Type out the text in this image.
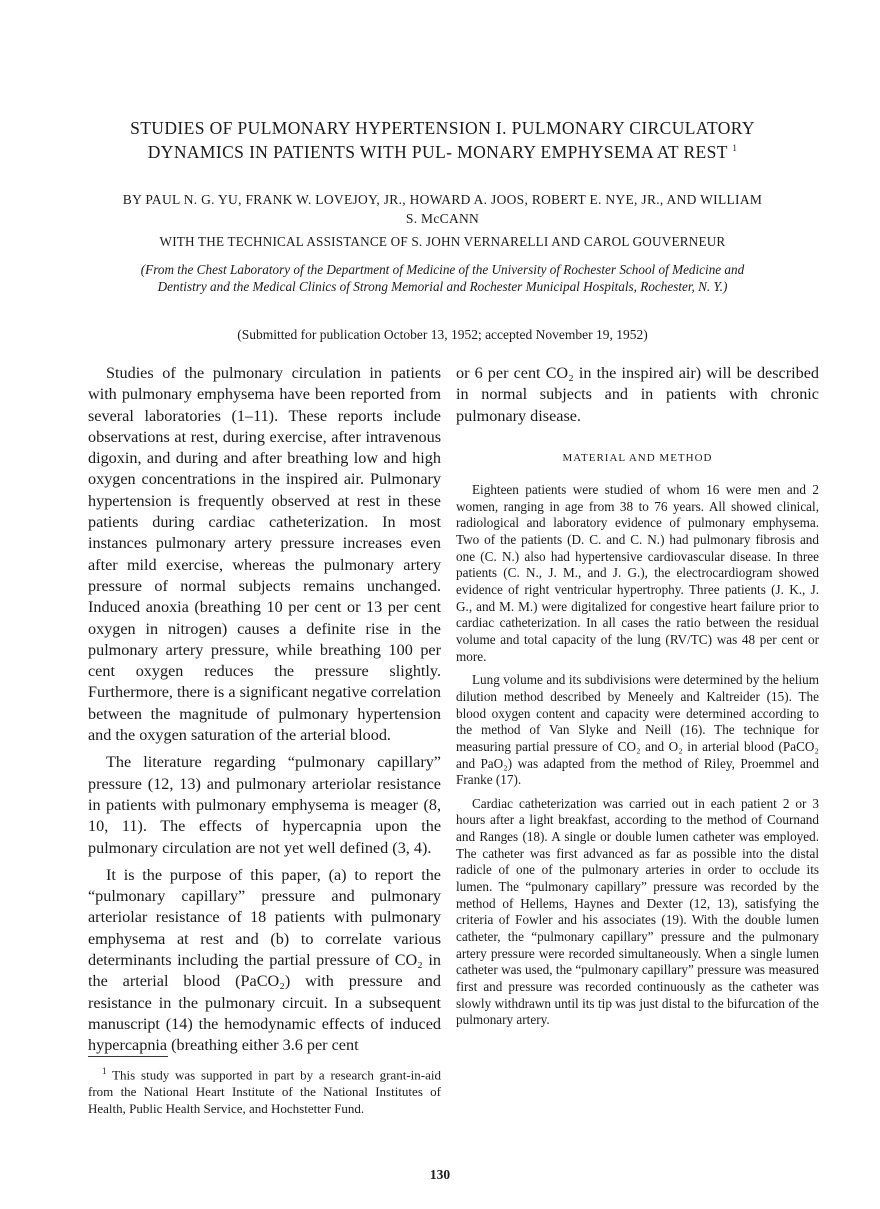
STUDIES OF PULMONARY HYPERTENSION I. PULMONARY CIRCULATORY DYNAMICS IN PATIENTS WITH PUL- MONARY EMPHYSEMA AT REST $^1$
BY PAUL N. G. YU, FRANK W. LOVEJOY, JR., HOWARD A. JOOS, ROBERT E. NYE, JR., AND WILLIAM S. McCANN
WITH THE TECHNICAL ASSISTANCE OF S. JOHN VERNARELLI AND CAROL GOUVERNEUR
(From the Chest Laboratory of the Department of Medicine of the University of Rochester School of Medicine and Dentistry and the Medical Clinics of Strong Memorial and Rochester Municipal Hospitals, Rochester, N. Y.)
(Submitted for publication October 13, 1952; accepted November 19, 1952)

Studies of the pulmonary circulation in patients with pulmonary emphysema have been reported from several laboratories (1–11). These reports include observations at rest, during exercise, after intravenous digoxin, and during and after breathing low and high oxygen concentrations in the inspired air. Pulmonary hypertension is frequently observed at rest in these patients during cardiac catheterization. In most instances pulmonary artery pressure increases even after mild exercise, whereas the pulmonary artery pressure of normal subjects remains unchanged. Induced anoxia (breathing 10 per cent or 13 per cent oxygen in nitrogen) causes a definite rise in the pulmonary artery pressure, while breathing 100 per cent oxygen reduces the pressure slightly. Furthermore, there is a significant negative correlation between the magnitude of pulmonary hypertension and the oxygen saturation of the arterial blood.

The literature regarding “pulmonary capillary” pressure (12, 13) and pulmonary arteriolar resistance in patients with pulmonary emphysema is meager (8, 10, 11). The effects of hypercapnia upon the pulmonary circulation are not yet well defined (3, 4).

It is the purpose of this paper, (a) to report the “pulmonary capillary” pressure and pulmonary arteriolar resistance of 18 patients with pulmonary emphysema at rest and (b) to correlate various determinants including the partial pressure of CO₂ in the arterial blood (PaCO₂) with pressure and resistance in the pulmonary circuit. In a subsequent manuscript (14) the hemodynamic effects of induced hypercapnia (breathing either 3.6 per cent

or 6 per cent CO₂ in the inspired air) will be described in normal subjects and in patients with chronic pulmonary disease.

MATERIAL AND METHOD

Eighteen patients were studied of whom 16 were men and 2 women, ranging in age from 38 to 76 years. All showed clinical, radiological and laboratory evidence of pulmonary emphysema. Two of the patients (D. C. and C. N.) had pulmonary fibrosis and one (C. N.) also had hypertensive cardiovascular disease. In three patients (C. N., J. M., and J. G.), the electrocardiogram showed evidence of right ventricular hypertrophy. Three patients (J. K., J. G., and M. M.) were digitalized for congestive heart failure prior to cardiac catheterization. In all cases the ratio between the residual volume and total capacity of the lung (RV/TC) was 48 per cent or more.

Lung volume and its subdivisions were determined by the helium dilution method described by Meneely and Kaltreider (15). The blood oxygen content and capacity were determined according to the method of Van Slyke and Neill (16). The technique for measuring partial pressure of CO₂ and O₂ in arterial blood (PaCO₂ and PaO₂) was adapted from the method of Riley, Proemmel and Franke (17).

Cardiac catheterization was carried out in each patient 2 or 3 hours after a light breakfast, according to the method of Cournand and Ranges (18). A single or double lumen catheter was employed. The catheter was first advanced as far as possible into the distal radicle of one of the pulmonary arteries in order to occlude its lumen. The “pulmonary capillary” pressure was recorded by the method of Hellems, Haynes and Dexter (12, 13), satisfying the criteria of Fowler and his associates (19). With the double lumen catheter, the “pulmonary capillary” pressure and the pulmonary artery pressure were recorded simultaneously. When a single lumen catheter was used, the “pulmonary capillary” pressure was measured first and pressure was recorded continuously as the catheter was slowly withdrawn until its tip was just distal to the bifurcation of the pulmonary artery.

$^1$ This study was supported in part by a research grant-in-aid from the National Heart Institute of the National Institutes of Health, Public Health Service, and Hochstetter Fund.

130
